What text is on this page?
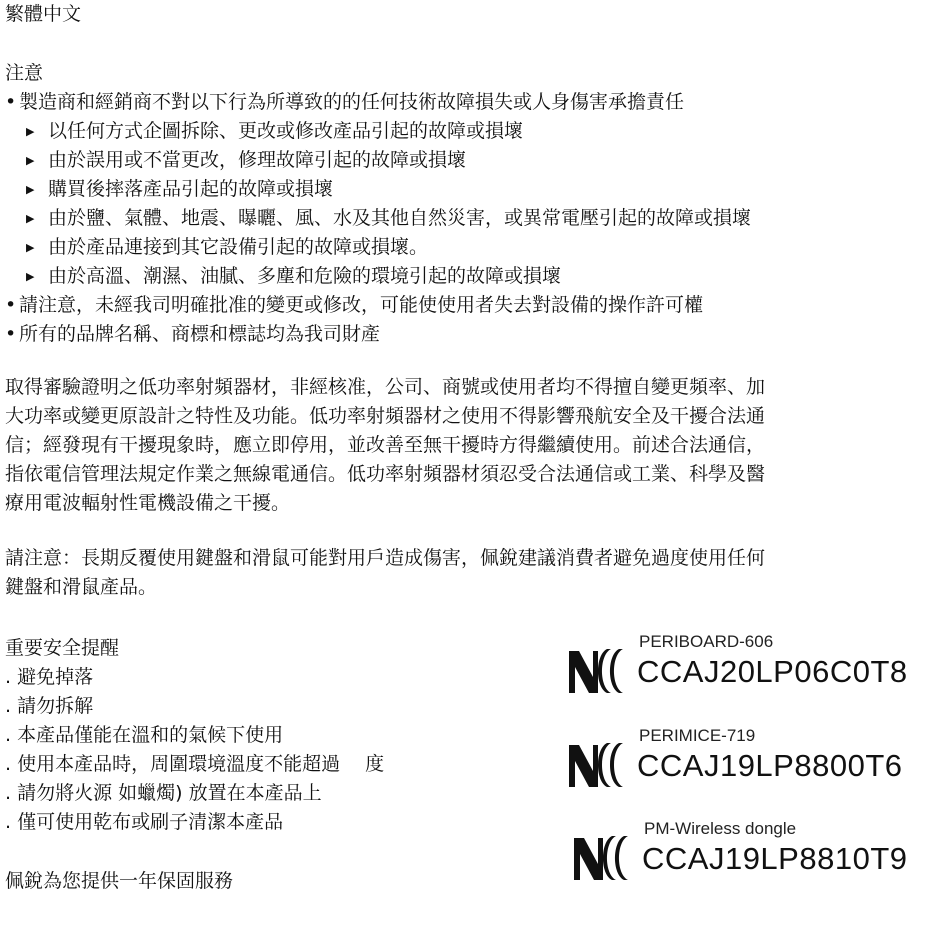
繁體中文
注意
• 製造商和經銷商不對以下行為所導致的的任何技術故障損失或人身傷害承擔責任
▶ 以任何方式企圖拆除、更改或修改產品引起的故障或損壞
▶ 由於誤用或不當更改，修理故障引起的故障或損壞
▶ 購買後摔落產品引起的故障或損壞
▶ 由於鹽、氣體、地震、曝曬、風、水及其他自然災害，或異常電壓引起的故障或損壞
▶ 由於產品連接到其它設備引起的故障或損壞。
▶ 由於高溫、潮濕、油膩、多塵和危險的環境引起的故障或損壞
• 請注意，未經我司明確批准的變更或修改，可能使使用者失去對設備的操作許可權
• 所有的品牌名稱、商標和標誌均為我司財產
取得審驗證明之低功率射頻器材，非經核准，公司、商號或使用者均不得擅自變更頻率、加
大功率或變更原設計之特性及功能。低功率射頻器材之使用不得影響飛航安全及干擾合法通
信；經發現有干擾現象時，應立即停用，並改善至無干擾時方得繼續使用。前述合法通信，
指依電信管理法規定作業之無線電通信。低功率射頻器材須忍受合法通信或工業、科學及醫
療用電波輻射性電機設備之干擾。
請注意：長期反覆使用鍵盤和滑鼠可能對用戶造成傷害，佩銳建議消費者避免過度使用任何
鍵盤和滑鼠產品。
重要安全提醒
. 避免掉落
. 請勿拆解
. 本產品僅能在溫和的氣候下使用
. 使用本產品時，周圍環境溫度不能超過　 度
. 請勿將火源 如蠟燭) 放置在本產品上
. 僅可使用乾布或刷子清潔本產品
佩銳為您提供一年保固服務
PERIBOARD-606
CCAJ20LP06C0T8
PERIMICE-719
CCAJ19LP8800T6
PM-Wireless dongle
CCAJ19LP8810T9
